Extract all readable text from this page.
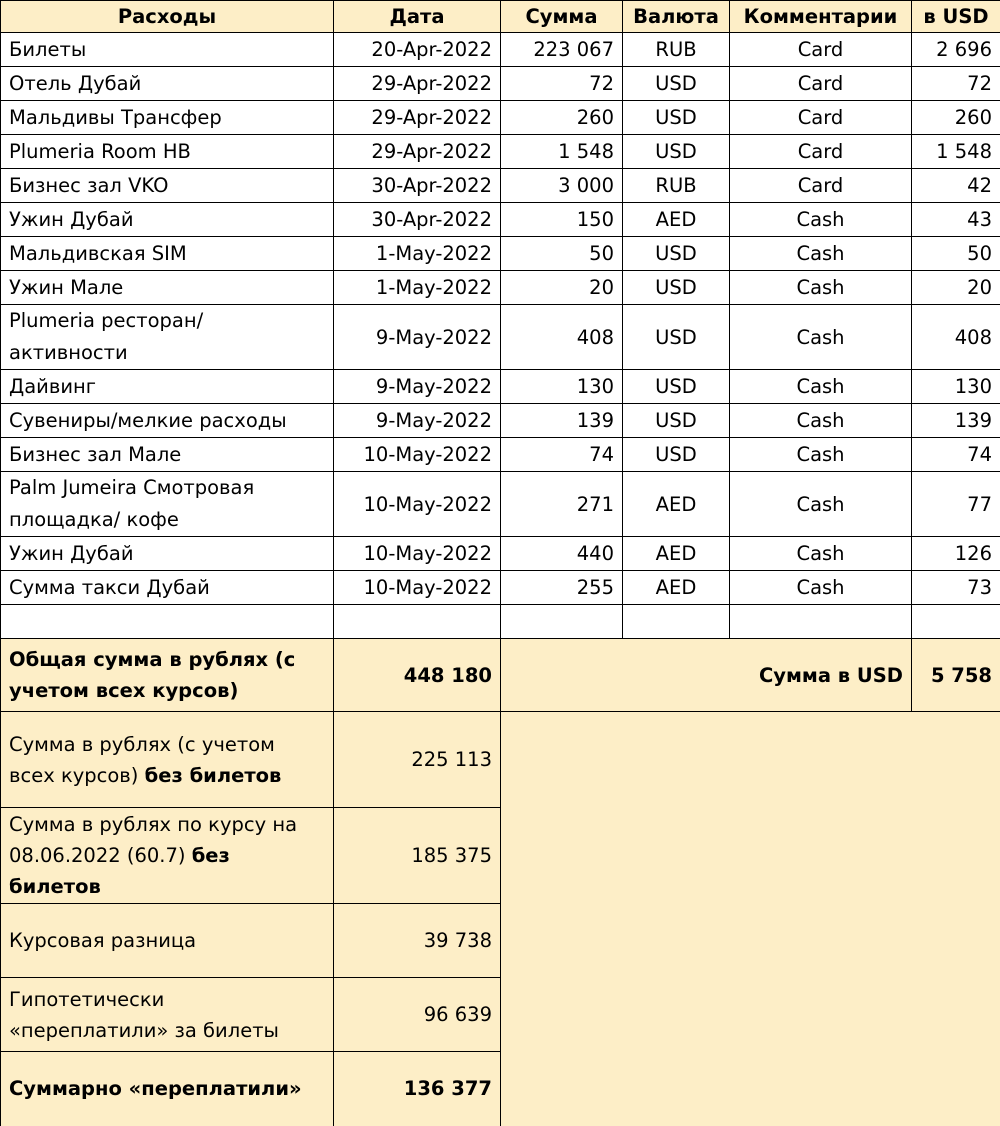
Расходы	Дата	Сумма	Валюта	Комментарии	в USD
Билеты	20-Apr-2022	223 067	RUB	Card	2 696
Отель Дубай	29-Apr-2022	72	USD	Card	72
Мальдивы Трансфер	29-Apr-2022	260	USD	Card	260
Plumeria Room HB	29-Apr-2022	1 548	USD	Card	1 548
Бизнес зал VKO	30-Apr-2022	3 000	RUB	Card	42
Ужин Дубай	30-Apr-2022	150	AED	Cash	43
Мальдивская SIM	1-May-2022	50	USD	Cash	50
Ужин Мале	1-May-2022	20	USD	Cash	20
Plumeria ресторан/ активности	9-May-2022	408	USD	Cash	408
Дайвинг	9-May-2022	130	USD	Cash	130
Сувениры/мелкие расходы	9-May-2022	139	USD	Cash	139
Бизнес зал Мале	10-May-2022	74	USD	Cash	74
Palm Jumeira Смотровая площадка/ кофе	10-May-2022	271	AED	Cash	77
Ужин Дубай	10-May-2022	440	AED	Cash	126
Сумма такси Дубай	10-May-2022	255	AED	Cash	73

Общая сумма в рублях (с учетом всех курсов)	448 180	Сумма в USD			5 758
Сумма в рублях (с учетом всех курсов) без билетов	225 113				
Сумма в рублях по курсу на 08.06.2022 (60.7) без билетов	185 375				
Курсовая разница	39 738				
Гипотетически «переплатили» за билеты	96 639				
Суммарно «переплатили»	136 377				
